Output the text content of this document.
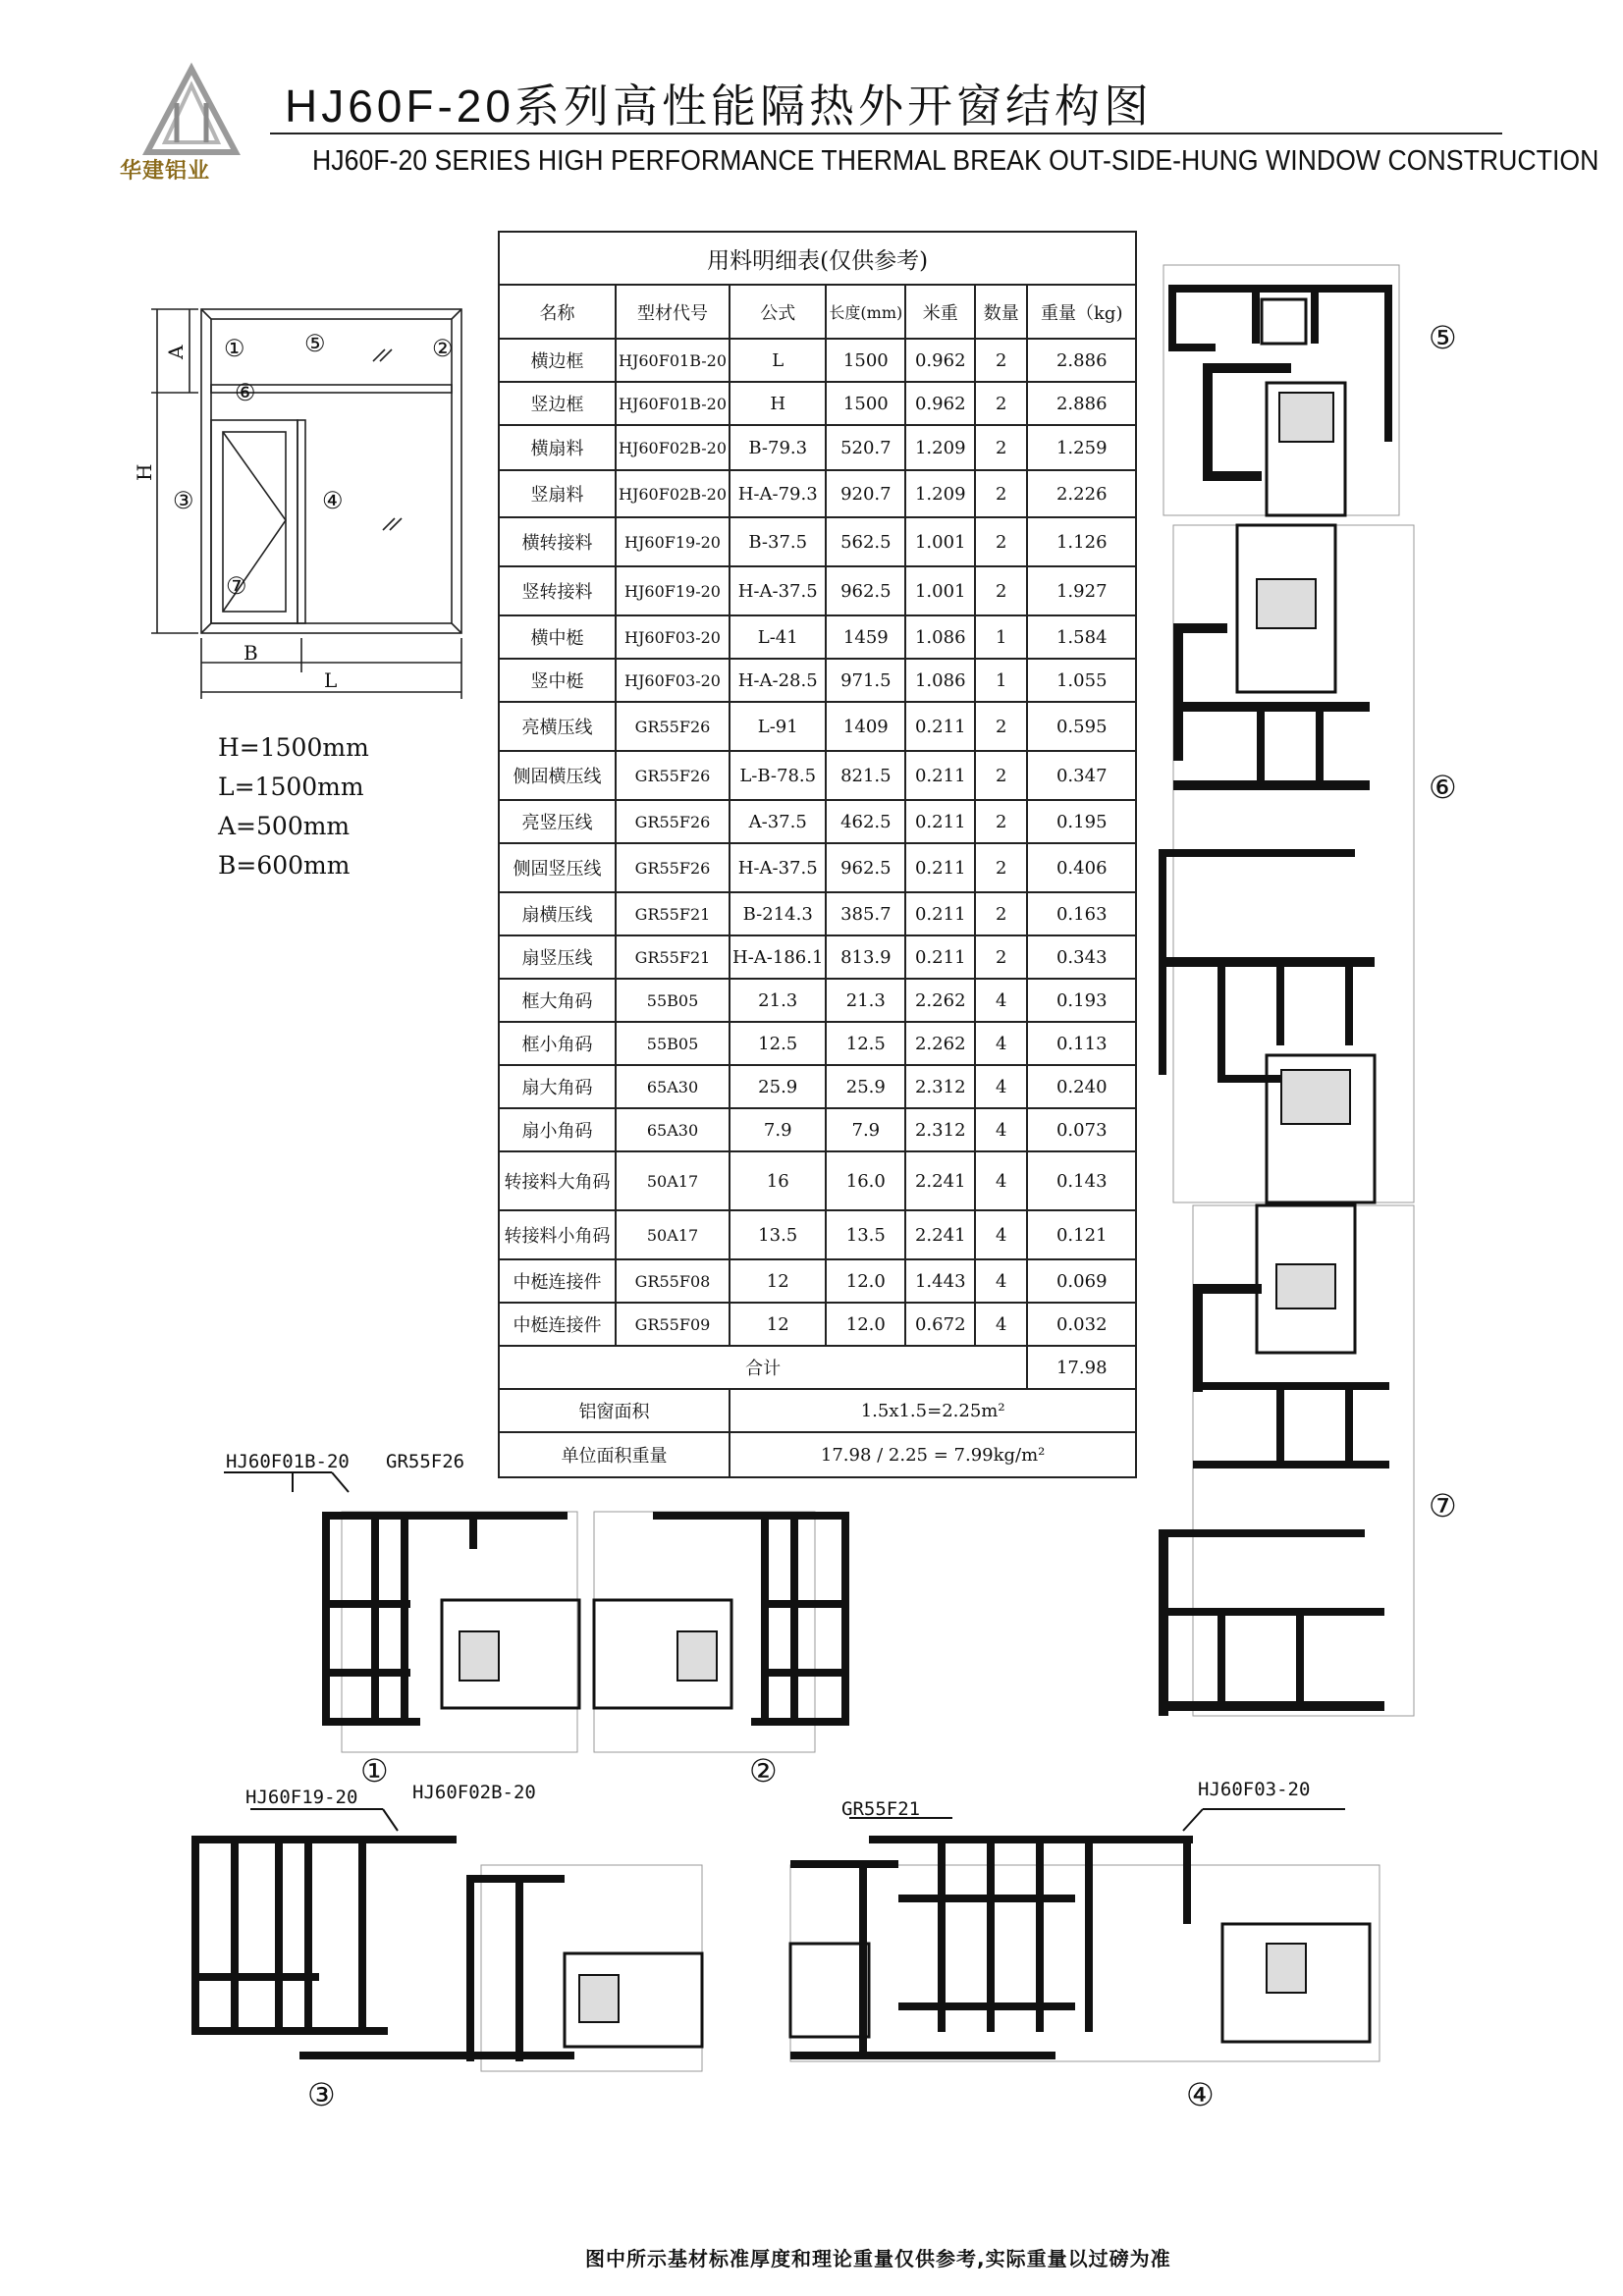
华建铝业
HJ60F-20系列高性能隔热外开窗结构图
HJ60F-20 SERIES HIGH PERFORMANCE THERMAL BREAK OUT-SIDE-HUNG WINDOW CONSTRUCTION
A
H
B
L
①	②
③	④
⑤
⑥
⑦
H=1500mm
L=1500mm
A=500mm
B=600mm
用料明细表(仅供参考)						
名称	型材代号	公式	长度(mm)	米重	数量	重量（kg)
横边框	HJ60F01B-20	L	1500	0.962	2	2.886
竖边框	HJ60F01B-20	H	1500	0.962	2	2.886
横扇料	HJ60F02B-20	B-79.3	520.7	1.209	2	1.259
竖扇料	HJ60F02B-20	H-A-79.3	920.7	1.209	2	2.226
横转接料	HJ60F19-20	B-37.5	562.5	1.001	2	1.126
竖转接料	HJ60F19-20	H-A-37.5	962.5	1.001	2	1.927
横中梃	HJ60F03-20	L-41	1459	1.086	1	1.584
竖中梃	HJ60F03-20	H-A-28.5	971.5	1.086	1	1.055
亮横压线	GR55F26	L-91	1409	0.211	2	0.595
侧固横压线	GR55F26	L-B-78.5	821.5	0.211	2	0.347
亮竖压线	GR55F26	A-37.5	462.5	0.211	2	0.195
侧固竖压线	GR55F26	H-A-37.5	962.5	0.211	2	0.406
扇横压线	GR55F21	B-214.3	385.7	0.211	2	0.163
扇竖压线	GR55F21	H-A-186.1	813.9	0.211	2	0.343
框大角码	55B05	21.3	21.3	2.262	4	0.193
框小角码	55B05	12.5	12.5	2.262	4	0.113
扇大角码	65A30	25.9	25.9	2.312	4	0.240
扇小角码	65A30	7.9	7.9	2.312	4	0.073
转接料大角码	50A17	16	16.0	2.241	4	0.143
转接料小角码	50A17	13.5	13.5	2.241	4	0.121
中梃连接件	GR55F08	12	12.0	1.443	4	0.069
中梃连接件	GR55F09	12	12.0	0.672	4	0.032
合计						17.98
铝窗面积		1.5x1.5=2.25m²				
单位面积重量		17.98 / 2.25 = 7.99kg/m²				
⑤
⑥
⑦
HJ60F01B-20 GR55F26
①	②
HJ60F19-20	HJ60F02B-20
③
GR55F21
HJ60F03-20
④
图中所示基材标准厚度和理论重量仅供参考,实际重量以过磅为准
